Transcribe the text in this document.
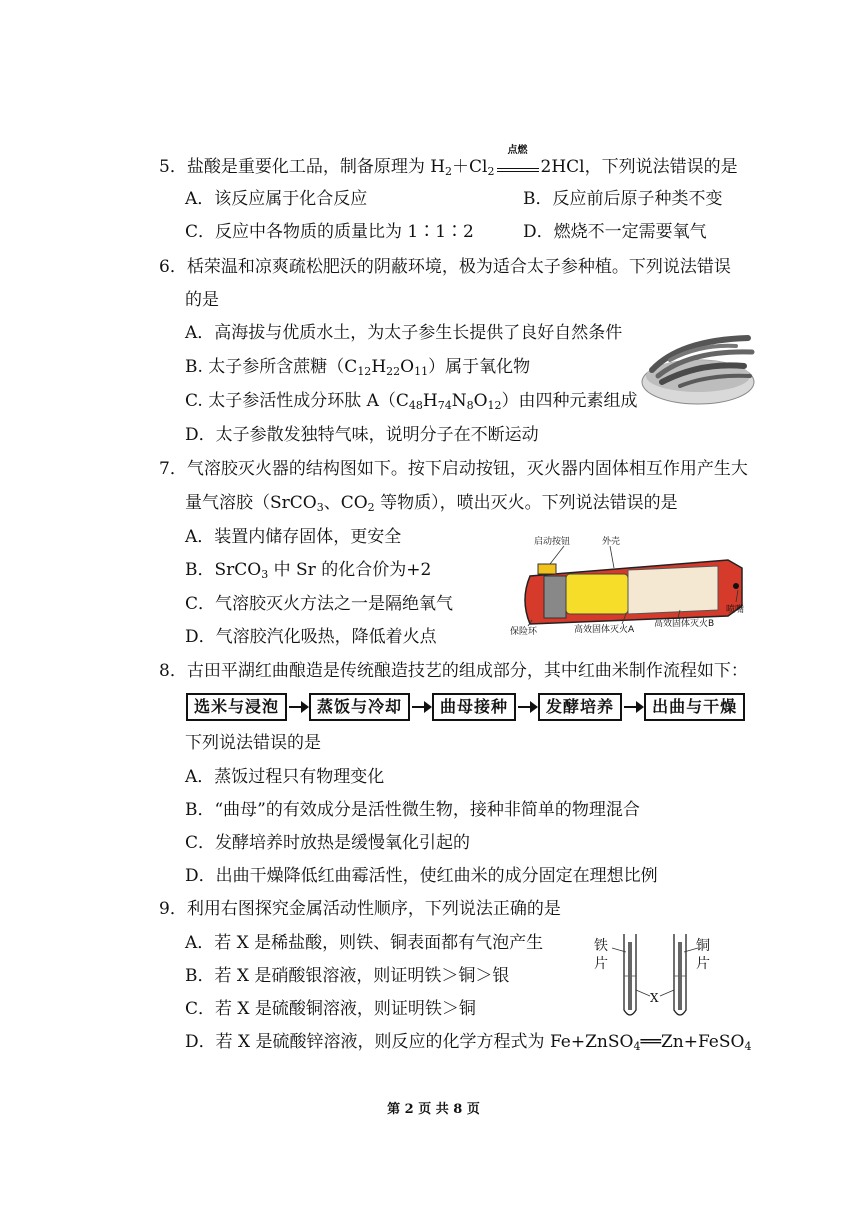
5．盐酸是重要化工品，制备原理为 $H_2+Cl_2$
点燃
2HCl，下列说法错误的是
A．该反应属于化合反应	B．反应前后原子种类不变
C．反应中各物质的质量比为 1∶1∶2	D．燃烧不一定需要氧气
6．栝荣温和凉爽疏松肥沃的阴蔽环境，极为适合太子参种植。下列说法错误
的是
A．高海拔与优质水土，为太子参生长提供了良好自然条件
B. 太子参所含蔗糖$(C_{12}H_{22}O_{11})$属于氧化物
C. 太子参活性成分环肽 $A(C_{48}H_{74}N_8O_{12})$由四种元素组成
D．太子参散发独特气味，说明分子在不断运动
7．气溶胶灭火器的结构图如下。按下启动按钮，灭火器内固体相互作用产生大
量气溶胶（SrCO$_3$、$CO_2$ 等物质），喷出灭火。下列说法错误的是
A．装置内储存固体，更安全
B．SrCO$_3$ 中 Sr 的化合价为+2
C．气溶胶灭火方法之一是隔绝氧气
D．气溶胶汽化吸热，降低着火点
启动按钮	外壳
保险环	高效固体灭火A
高效固体灭火B
喷嘴
8．古田平湖红曲酿造是传统酿造技艺的组成部分，其中红曲米制作流程如下：
选米与浸泡	蒸饭与冷却	曲母接种	发酵培养	出曲与干燥
下列说法错误的是
A．蒸饭过程只有物理变化
B．“曲母”的有效成分是活性微生物，接种非简单的物理混合
C．发酵培养时放热是缓慢氧化引起的
D．出曲干燥降低红曲霉活性，使红曲米的成分固定在理想比例
9．利用右图探究金属活动性顺序，下列说法正确的是
A．若 X 是稀盐酸，则铁、铜表面都有气泡产生
B．若 X 是硝酸银溶液，则证明铁＞铜＞银
C．若 X 是硫酸铜溶液，则证明铁＞铜
D．若 X 是硫酸锌溶液，则反应的化学方程式为 Fe+ZnSO$_4$══Zn+FeSO$_4$
铁
片
铜
片
X
第 2 页 共 8 页
